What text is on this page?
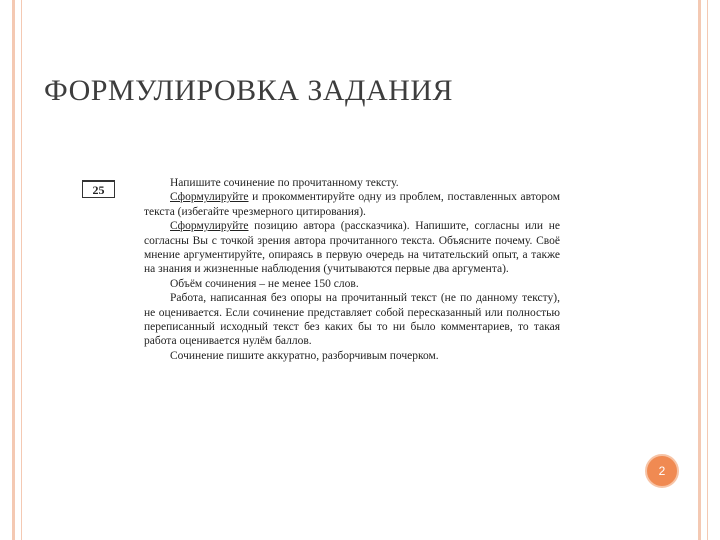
ФОРМУЛИРОВКА ЗАДАНИЯ
25	Напишите сочинение по прочитанному тексту.

Сформулируйте и прокомментируйте одну из проблем, поставленных автором текста (избегайте чрезмерного цитирования).

Сформулируйте позицию автора (рассказчика). Напишите, согласны или не согласны Вы с точкой зрения автора прочитанного текста. Объясните почему. Своё мнение аргументируйте, опираясь в первую очередь на читательский опыт, а также на знания и жизненные наблюдения (учитываются первые два аргумента).

Объём сочинения – не менее 150 слов.

Работа, написанная без опоры на прочитанный текст (не по данному тексту), не оценивается. Если сочинение представляет собой пересказанный или полностью переписанный исходный текст без каких бы то ни было комментариев, то такая работа оценивается нулём баллов.

Сочинение пишите аккуратно, разборчивым почерком.

2
